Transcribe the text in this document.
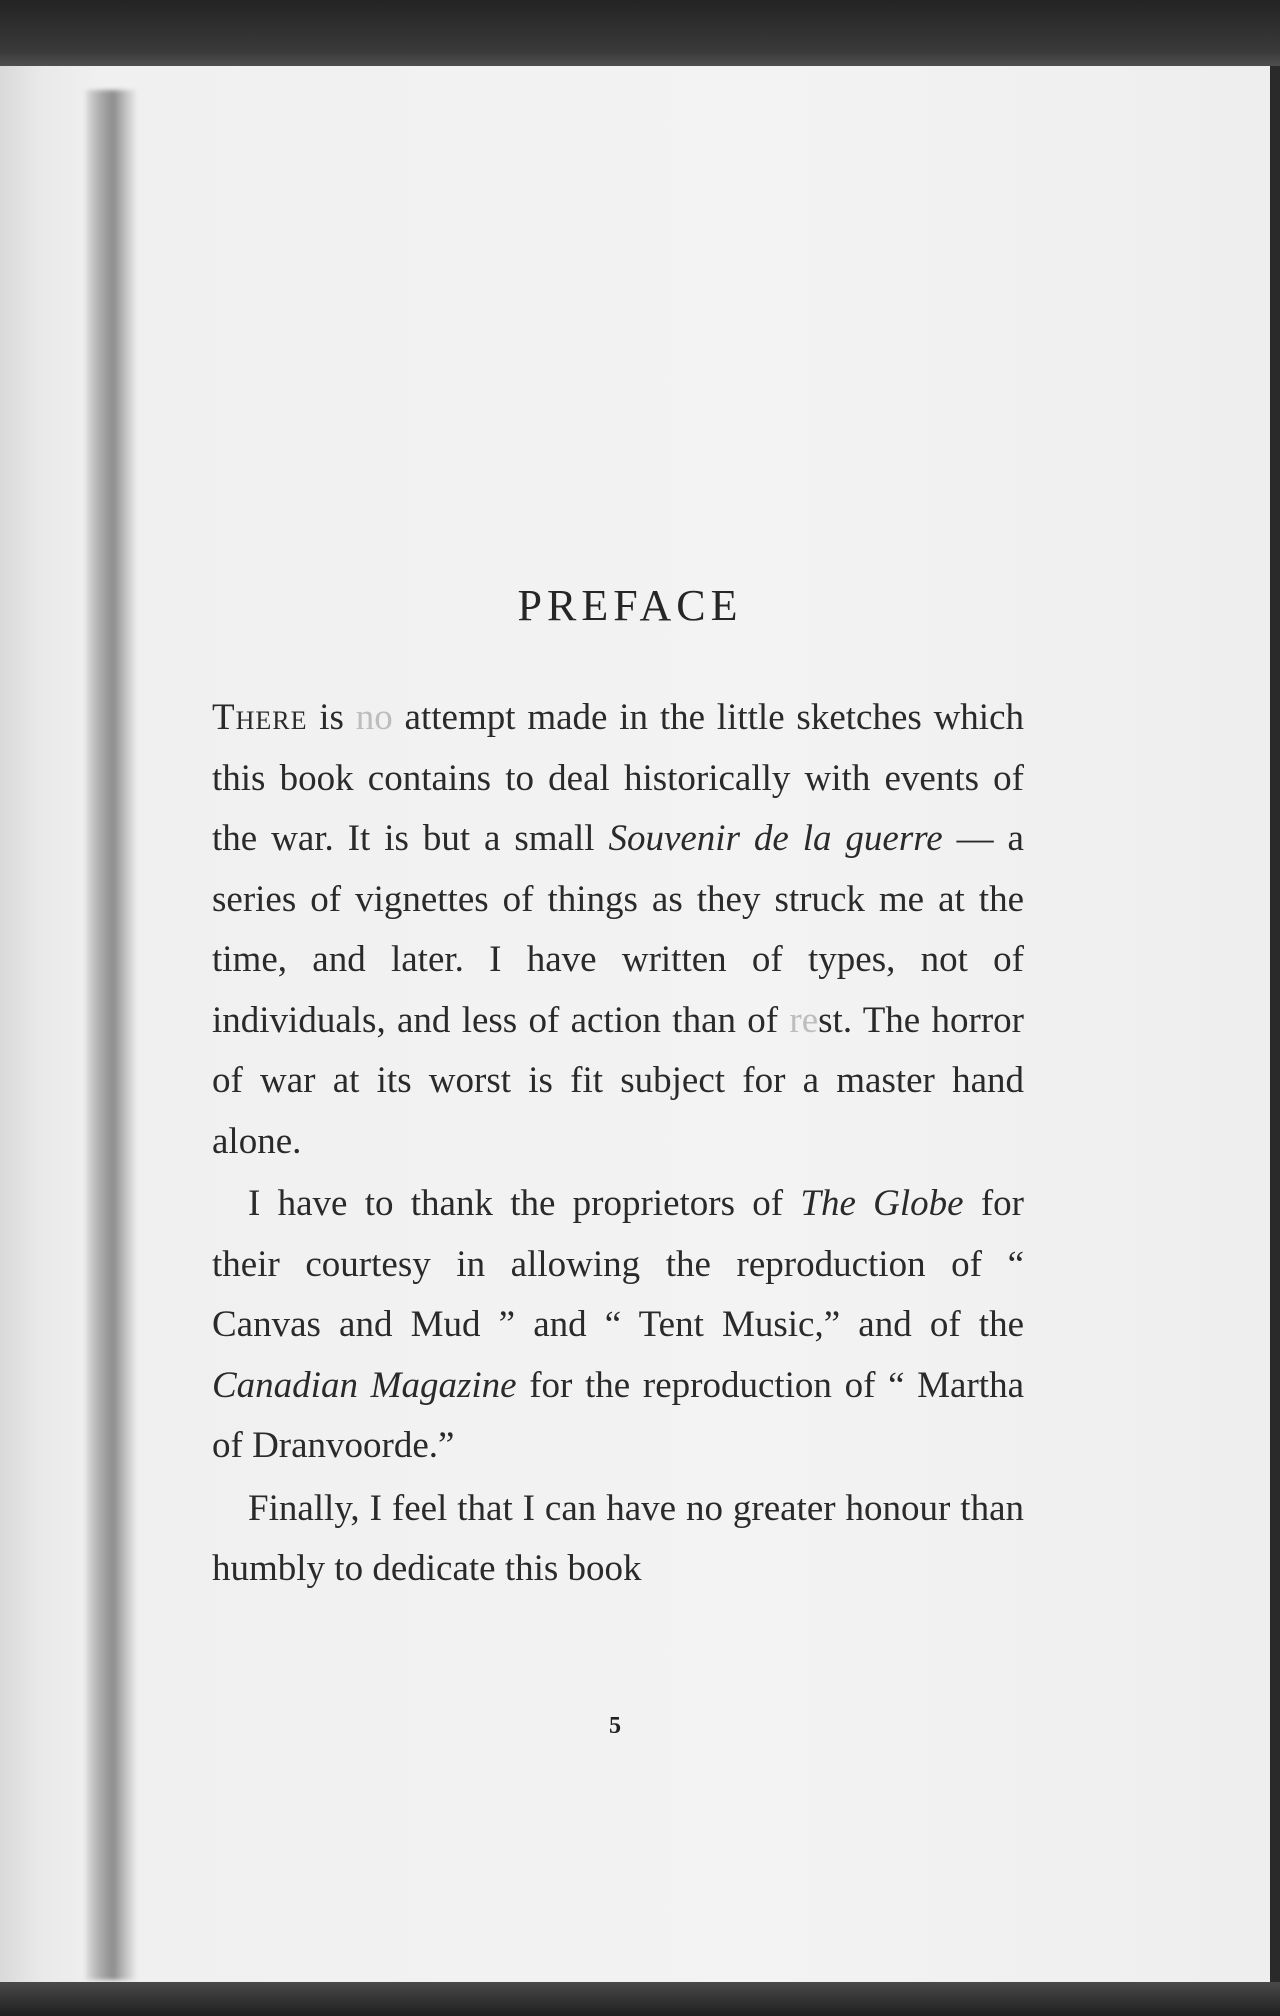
PREFACE

There is no attempt made in the little sketches which this book contains to deal historically with events of the war. It is but a small Souvenir de la guerre — a series of vignettes of things as they struck me at the time, and later. I have written of types, not of individuals, and less of action than of rest. The horror of war at its worst is fit subject for a master hand alone.

I have to thank the proprietors of The Globe for their courtesy in allowing the reproduction of “ Canvas and Mud ” and “ Tent Music,” and of the Canadian Magazine for the reproduction of “ Martha of Dranvoorde.”

Finally, I feel that I can have no greater honour than humbly to dedicate this book

5
